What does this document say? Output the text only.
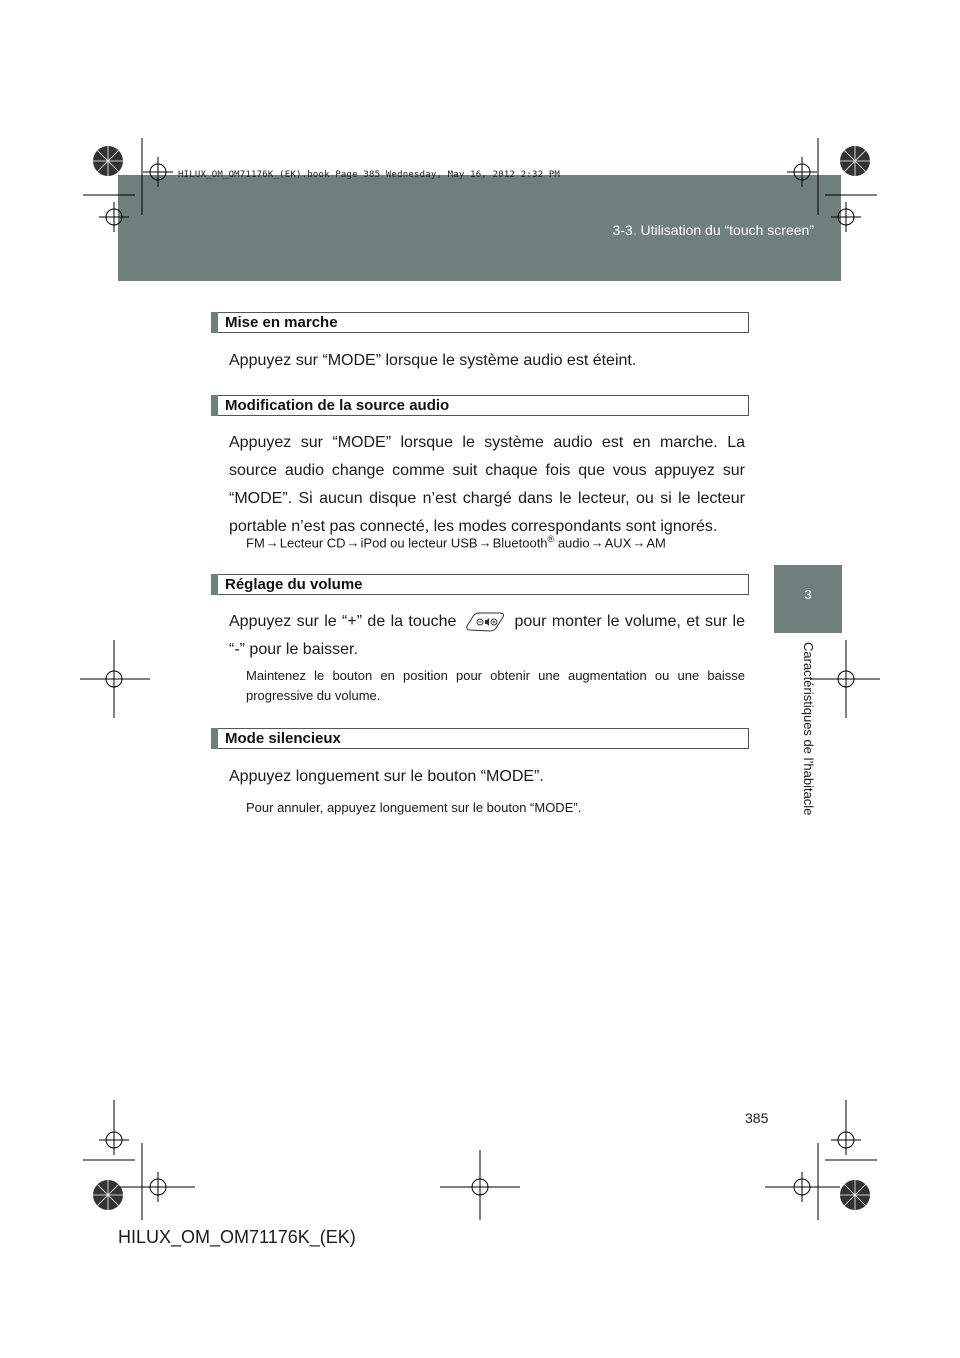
HILUX_OM_OM71176K_(EK).book Page 385 Wednesday, May 16, 2012 2:32 PM
3-3. Utilisation du “touch screen”
3
Caractéristiques de l’habitacle
Mise en marche
Appuyez sur “MODE” lorsque le système audio est éteint.
Modification de la source audio
Appuyez sur “MODE” lorsque le système audio est en marche. La source audio change comme suit chaque fois que vous appuyez sur “MODE”. Si aucun disque n’est chargé dans le lecteur, ou si le lecteur portable n’est pas connecté, les modes correspondants sont ignorés.
FM→Lecteur CD→iPod ou lecteur USB→Bluetooth® audio→AUX→AM
Réglage du volume
Appuyez sur le “+” de la touche	pour monter le volume, et sur le “-” pour le baisser.
Maintenez le bouton en position pour obtenir une augmentation ou une baisse progressive du volume.
Mode silencieux
Appuyez longuement sur le bouton “MODE”.
Pour annuler, appuyez longuement sur le bouton “MODE”.
385
HILUX_OM_OM71176K_(EK)
